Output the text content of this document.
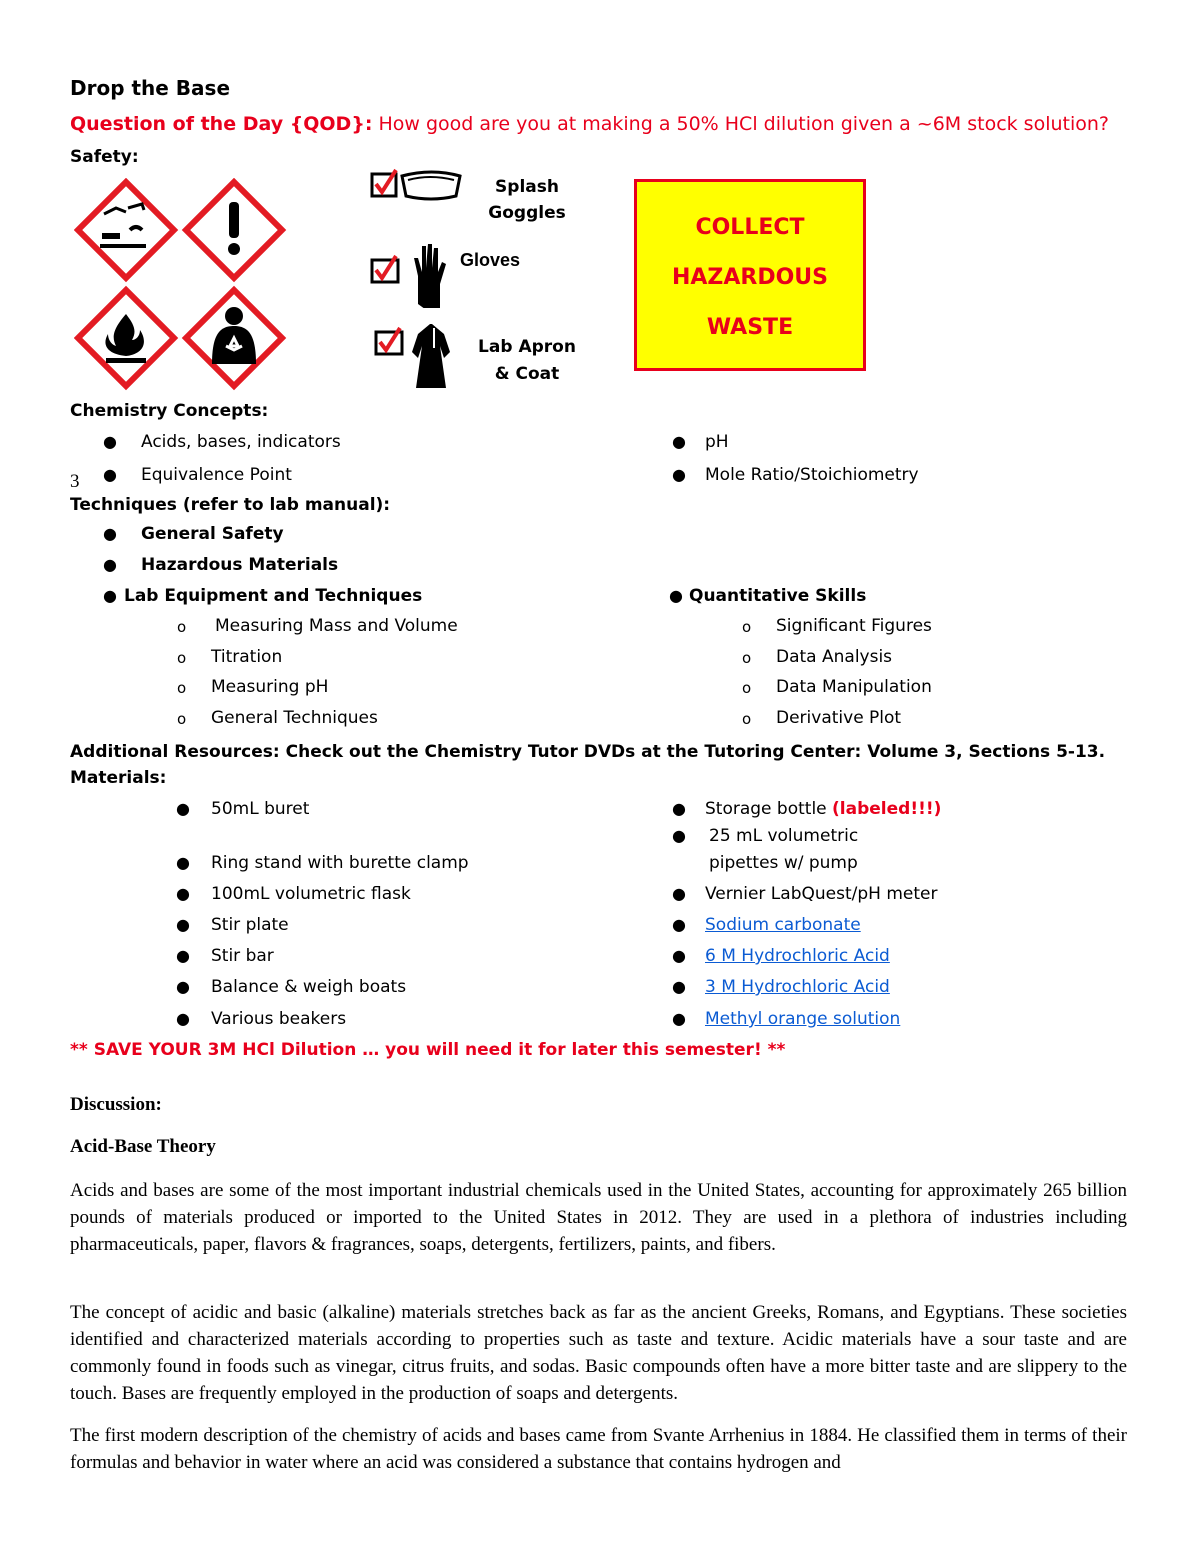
Drop the Base
Question of the Day {QOD}: How good are you at making a 50% HCl dilution given a ~6M stock solution?
Safety:
Splash Goggles
Gloves
Lab Apron & Coat
COLLECT
HAZARDOUS
WASTE
Chemistry Concepts:
● Acids, bases, indicators
● Equivalence Point
3
● pH
● Mole Ratio/Stoichiometry
Techniques (refer to lab manual):
● General Safety
● Hazardous Materials
● Lab Equipment and Techniques	● Quantitative Skills
o Measuring Mass and Volume
o Titration
o Measuring pH
o General Techniques
o Significant Figures
o Data Analysis
o Data Manipulation
o Derivative Plot
Additional Resources: Check out the Chemistry Tutor DVDs at the Tutoring Center: Volume 3, Sections 5-13.
Materials:
● 50mL buret
● Ring stand with burette clamp
● 100mL volumetric flask
● Stir plate
● Stir bar
● Balance & weigh boats
● Various beakers
● Storage bottle (labeled!!!)
● 25 mL volumetric
pipettes w/ pump
● Vernier LabQuest/pH meter
● Sodium carbonate
● 6 M Hydrochloric Acid
● 3 M Hydrochloric Acid
● Methyl orange solution
** SAVE YOUR 3M HCl Dilution … you will need it for later this semester! **
Discussion:
Acid-Base Theory

Acids and bases are some of the most important industrial chemicals used in the United States, accounting for approximately 265 billion pounds of materials produced or imported to the United States in 2012. They are used in a plethora of industries including pharmaceuticals, paper, flavors & fragrances, soaps, detergents, fertilizers, paints, and fibers.

The concept of acidic and basic (alkaline) materials stretches back as far as the ancient Greeks, Romans, and Egyptians. These societies identified and characterized materials according to properties such as taste and texture. Acidic materials have a sour taste and are commonly found in foods such as vinegar, citrus fruits, and sodas. Basic compounds often have a more bitter taste and are slippery to the touch. Bases are frequently employed in the production of soaps and detergents.

The first modern description of the chemistry of acids and bases came from Svante Arrhenius in 1884. He classified them in terms of their formulas and behavior in water where an acid was considered a substance that contains hydrogen and
